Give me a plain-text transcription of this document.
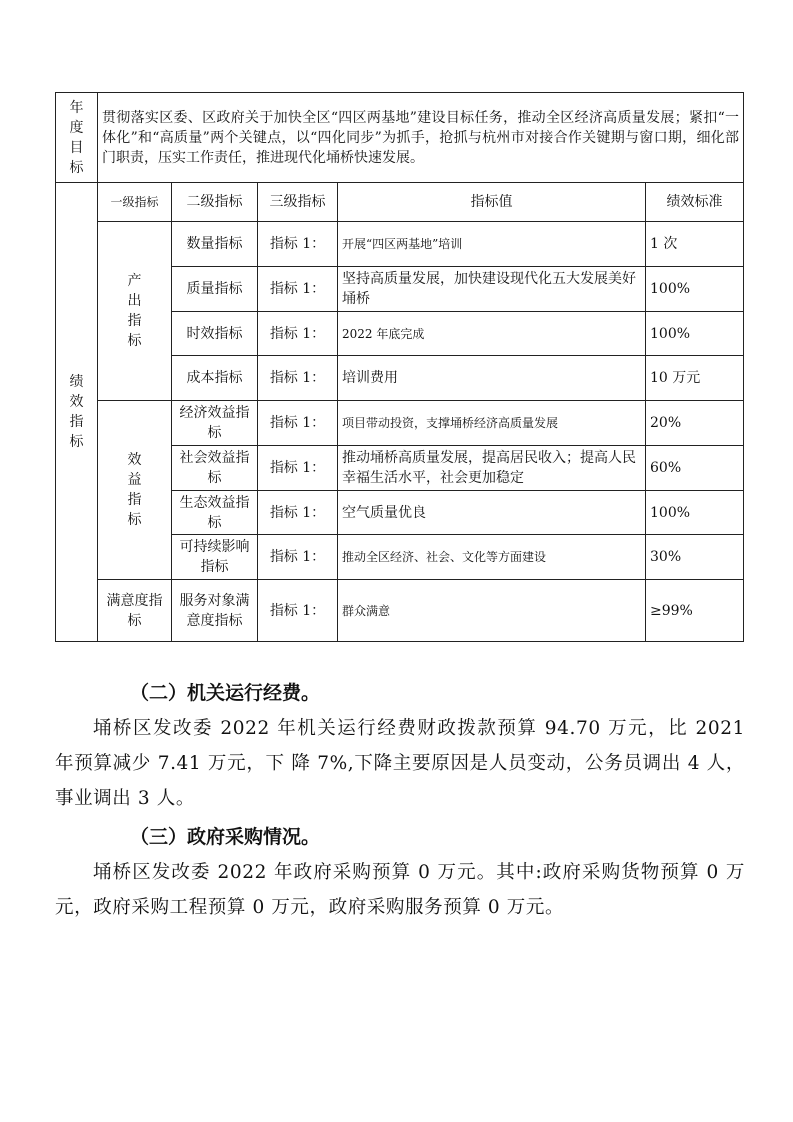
年
度
目
标	贯彻落实区委、区政府关于加快全区“四区两基地”建设目标任务，推动全区经济高质量发展；紧扣“一体化”和“高质量”两个关键点，以“四化同步”为抓手，抢抓与杭州市对接合作关键期与窗口期，细化部门职责，压实工作责任，推进现代化埇桥快速发展。				

绩
效
指
标	一级指标	二级指标	三级指标	指标值	绩效标准

	产
出
指
标	数量指标	指标 1：	开展“四区两基地”培训	1 次
		质量指标	指标 1：	坚持高质量发展，加快建设现代化五大发展美好埇桥	100%
		时效指标	指标 1：	2022 年底完成	100%
		成本指标	指标 1：	培训费用	10 万元

	效
益
指
标	经济效益指标	指标 1：	项目带动投资，支撑埇桥经济高质量发展	20%
		社会效益指标	指标 1：	推动埇桥高质量发展，提高居民收入；提高人民幸福生活水平，社会更加稳定	60%
		生态效益指标	指标 1：	空气质量优良	100%
		可持续影响指标	指标 1：	推动全区经济、社会、文化等方面建设	30%
	满意度指标	服务对象满意度指标	指标 1：	群众满意	≥99%
（二）机关运行经费。
埇桥区发改委 2022 年机关运行经费财政拨款预算 94.70 万元，比 2021 年预算减少 7.41 万元，下 降 7%,下降主要原因是人员变动，公务员调出 4 人，事业调出 3 人。
（三）政府采购情况。
埇桥区发改委 2022 年政府采购预算 0 万元。其中:政府采购货物预算 0 万元，政府采购工程预算 0 万元，政府采购服务预算 0 万元。
